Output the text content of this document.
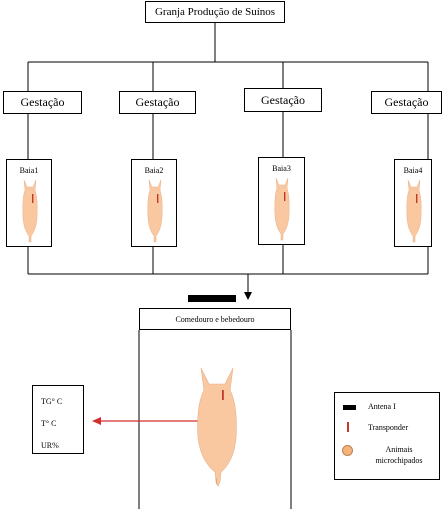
Granja Produção de Suínos
Gestação	Gestação	Gestação	Gestação
Baia1	Baia2	Baia3	Baia4
Comedouro e bebedouro
TG° C
T° C
UR%
Antena I
Transponder
Animais microchipados
